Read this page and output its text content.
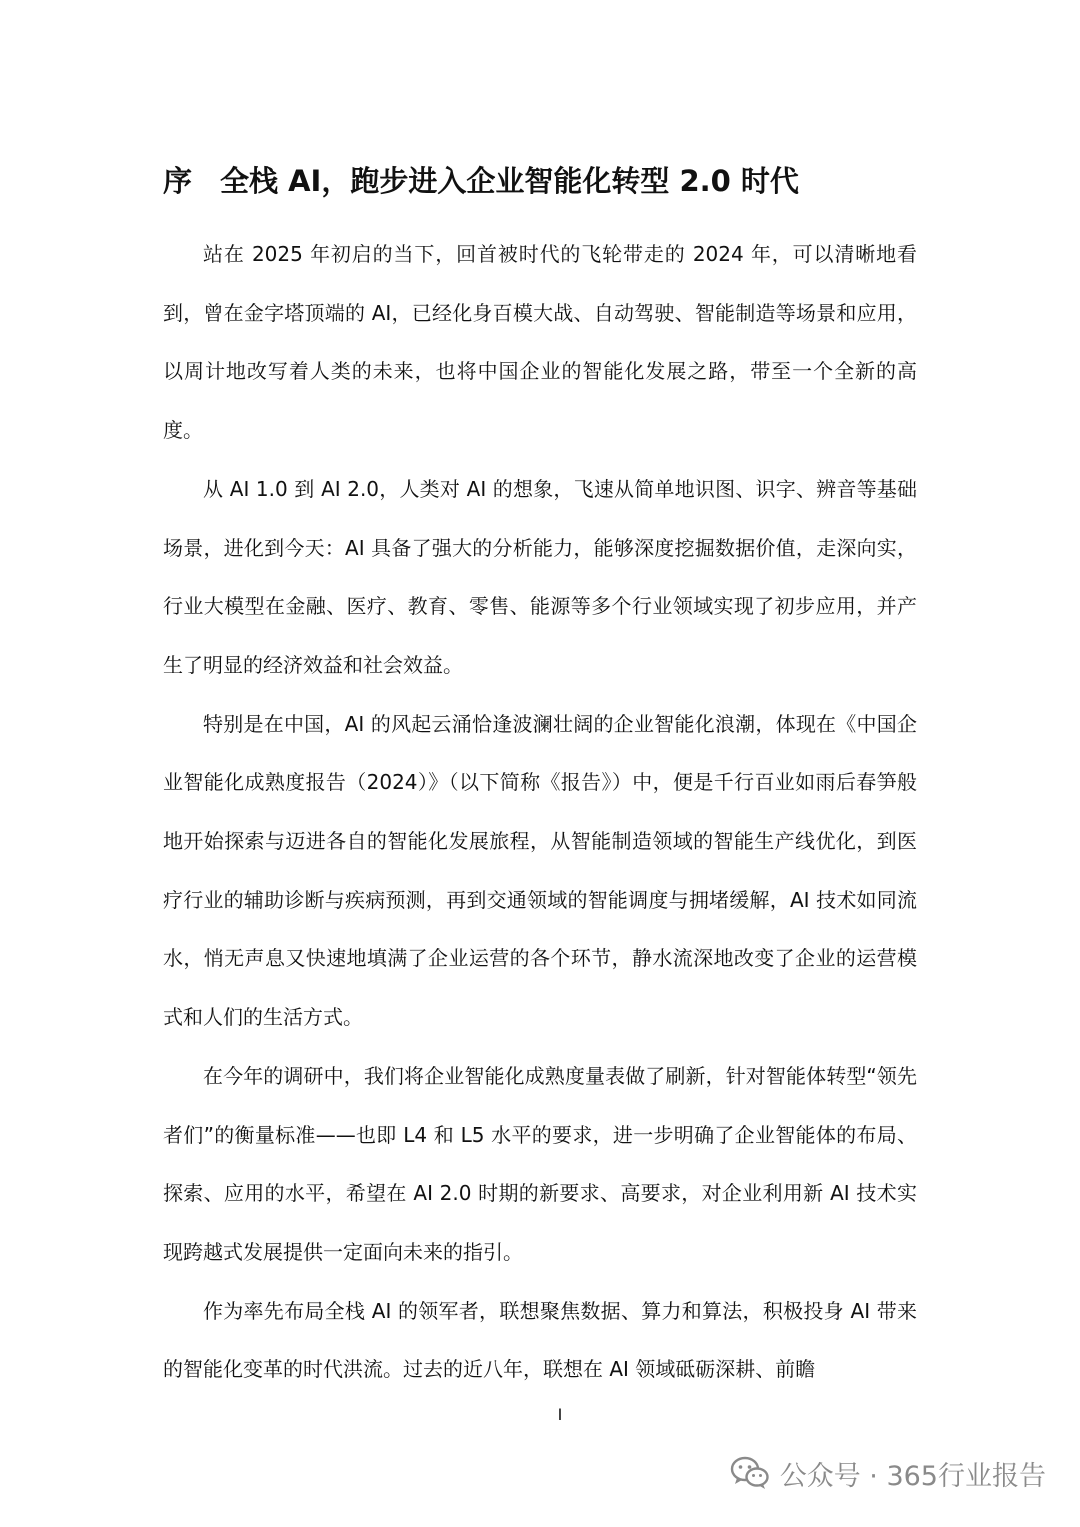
序 全栈 AI，跑步进入企业智能化转型 2.0 时代

站在 2025 年初启的当下，回首被时代的飞轮带走的 2024 年，可以清晰地看到，曾在金字塔顶端的 AI，已经化身百模大战、自动驾驶、智能制造等场景和应用，以周计地改写着人类的未来，也将中国企业的智能化发展之路，带至一个全新的高度。

从 AI 1.0 到 AI 2.0，人类对 AI 的想象，飞速从简单地识图、识字、辨音等基础场景，进化到今天：AI 具备了强大的分析能力，能够深度挖掘数据价值，走深向实，行业大模型在金融、医疗、教育、零售、能源等多个行业领域实现了初步应用，并产生了明显的经济效益和社会效益。

特别是在中国，AI 的风起云涌恰逢波澜壮阔的企业智能化浪潮，体现在《中国企业智能化成熟度报告（2024）》（以下简称《报告》）中，便是千行百业如雨后春笋般地开始探索与迈进各自的智能化发展旅程，从智能制造领域的智能生产线优化，到医疗行业的辅助诊断与疾病预测，再到交通领域的智能调度与拥堵缓解，AI 技术如同流水，悄无声息又快速地填满了企业运营的各个环节，静水流深地改变了企业的运营模式和人们的生活方式。

在今年的调研中，我们将企业智能化成熟度量表做了刷新，针对智能体转型“领先者们”的衡量标准——也即 L4 和 L5 水平的要求，进一步明确了企业智能体的布局、探索、应用的水平，希望在 AI 2.0 时期的新要求、高要求，对企业利用新 AI 技术实现跨越式发展提供一定面向未来的指引。

作为率先布局全栈 AI 的领军者，联想聚焦数据、算力和算法，积极投身 AI 带来的智能化变革的时代洪流。过去的近八年，联想在 AI 领域砥砺深耕、前瞻

I
公众号 · 365行业报告
